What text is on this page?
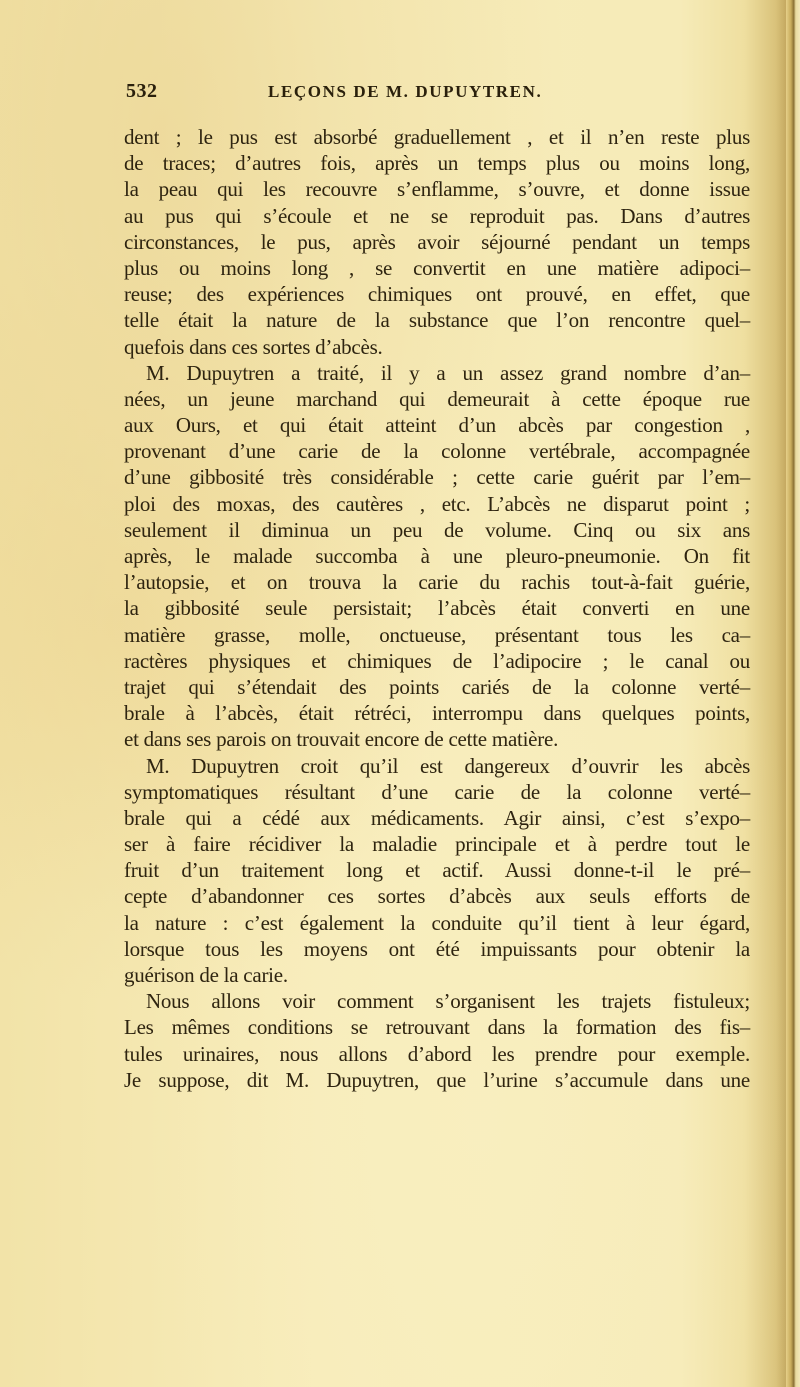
532	LEÇONS DE M. DUPUYTREN.
dent ; le pus est absorbé graduellement , et il n’en reste plus
de traces; d’autres fois, après un temps plus ou moins long,
la peau qui les recouvre s’enflamme, s’ouvre, et donne issue
au pus qui s’écoule et ne se reproduit pas. Dans d’autres
circonstances, le pus, après avoir séjourné pendant un temps
plus ou moins long , se convertit en une matière adipoci–
reuse; des expériences chimiques ont prouvé, en effet, que
telle était la nature de la substance que l’on rencontre quel–
quefois dans ces sortes d’abcès.
M. Dupuytren a traité, il y a un assez grand nombre d’an–
nées, un jeune marchand qui demeurait à cette époque rue
aux Ours, et qui était atteint d’un abcès par congestion ,
provenant d’une carie de la colonne vertébrale, accompagnée
d’une gibbosité très considérable ; cette carie guérit par l’em–
ploi des moxas, des cautères , etc. L’abcès ne disparut point ;
seulement il diminua un peu de volume. Cinq ou six ans
après, le malade succomba à une pleuro-pneumonie. On fit
l’autopsie, et on trouva la carie du rachis tout-à-fait guérie,
la gibbosité seule persistait; l’abcès était converti en une
matière grasse, molle, onctueuse, présentant tous les ca–
ractères physiques et chimiques de l’adipocire ; le canal ou
trajet qui s’étendait des points cariés de la colonne verté–
brale à l’abcès, était rétréci, interrompu dans quelques points,
et dans ses parois on trouvait encore de cette matière.
M. Dupuytren croit qu’il est dangereux d’ouvrir les abcès
symptomatiques résultant d’une carie de la colonne verté–
brale qui a cédé aux médicaments. Agir ainsi, c’est s’expo–
ser à faire récidiver la maladie principale et à perdre tout le
fruit d’un traitement long et actif. Aussi donne-t-il le pré–
cepte d’abandonner ces sortes d’abcès aux seuls efforts de
la nature : c’est également la conduite qu’il tient à leur égard,
lorsque tous les moyens ont été impuissants pour obtenir la
guérison de la carie.
Nous allons voir comment s’organisent les trajets fistuleux;
Les mêmes conditions se retrouvant dans la formation des fis–
tules urinaires, nous allons d’abord les prendre pour exemple.
Je suppose, dit M. Dupuytren, que l’urine s’accumule dans une
